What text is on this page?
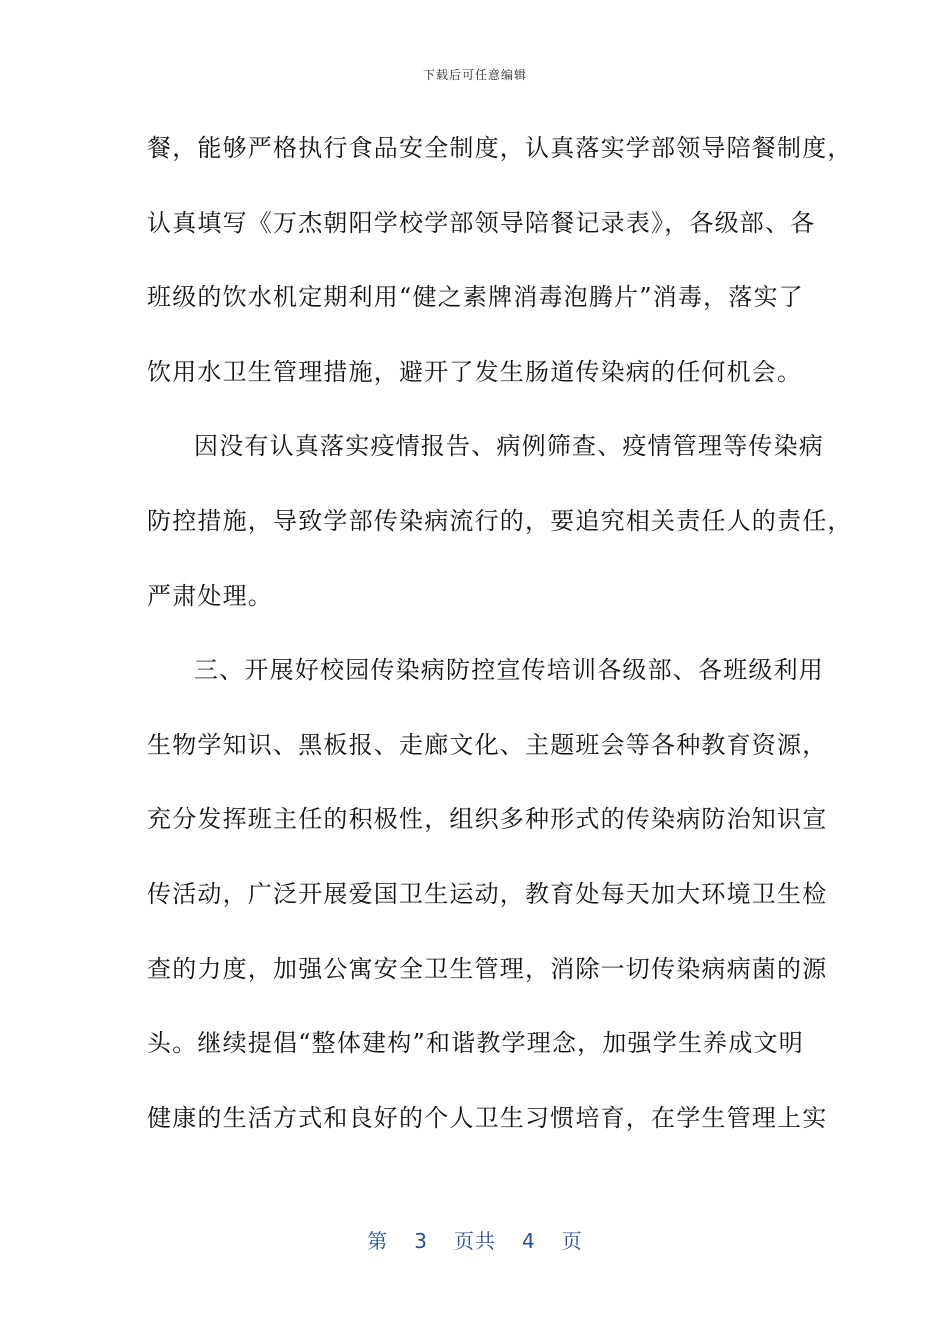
下载后可任意编辑
餐，能够严格执行食品安全制度，认真落实学部领导陪餐制度，
认真填写《万杰朝阳学校学部领导陪餐记录表》，各级部、各
班级的饮水机定期利用“健之素牌消毒泡腾片”消毒，落实了
饮用水卫生管理措施，避开了发生肠道传染病的任何机会。
因没有认真落实疫情报告、病例筛查、疫情管理等传染病
防控措施，导致学部传染病流行的，要追究相关责任人的责任，
严肃处理。
三、开展好校园传染病防控宣传培训各级部、各班级利用
生物学知识、黑板报、走廊文化、主题班会等各种教育资源，
充分发挥班主任的积极性，组织多种形式的传染病防治知识宣
传活动，广泛开展爱国卫生运动，教育处每天加大环境卫生检
查的力度，加强公寓安全卫生管理，消除一切传染病病菌的源
头。继续提倡“整体建构”和谐教学理念，加强学生养成文明
健康的生活方式和良好的个人卫生习惯培育，在学生管理上实
第 3 页共 4 页
